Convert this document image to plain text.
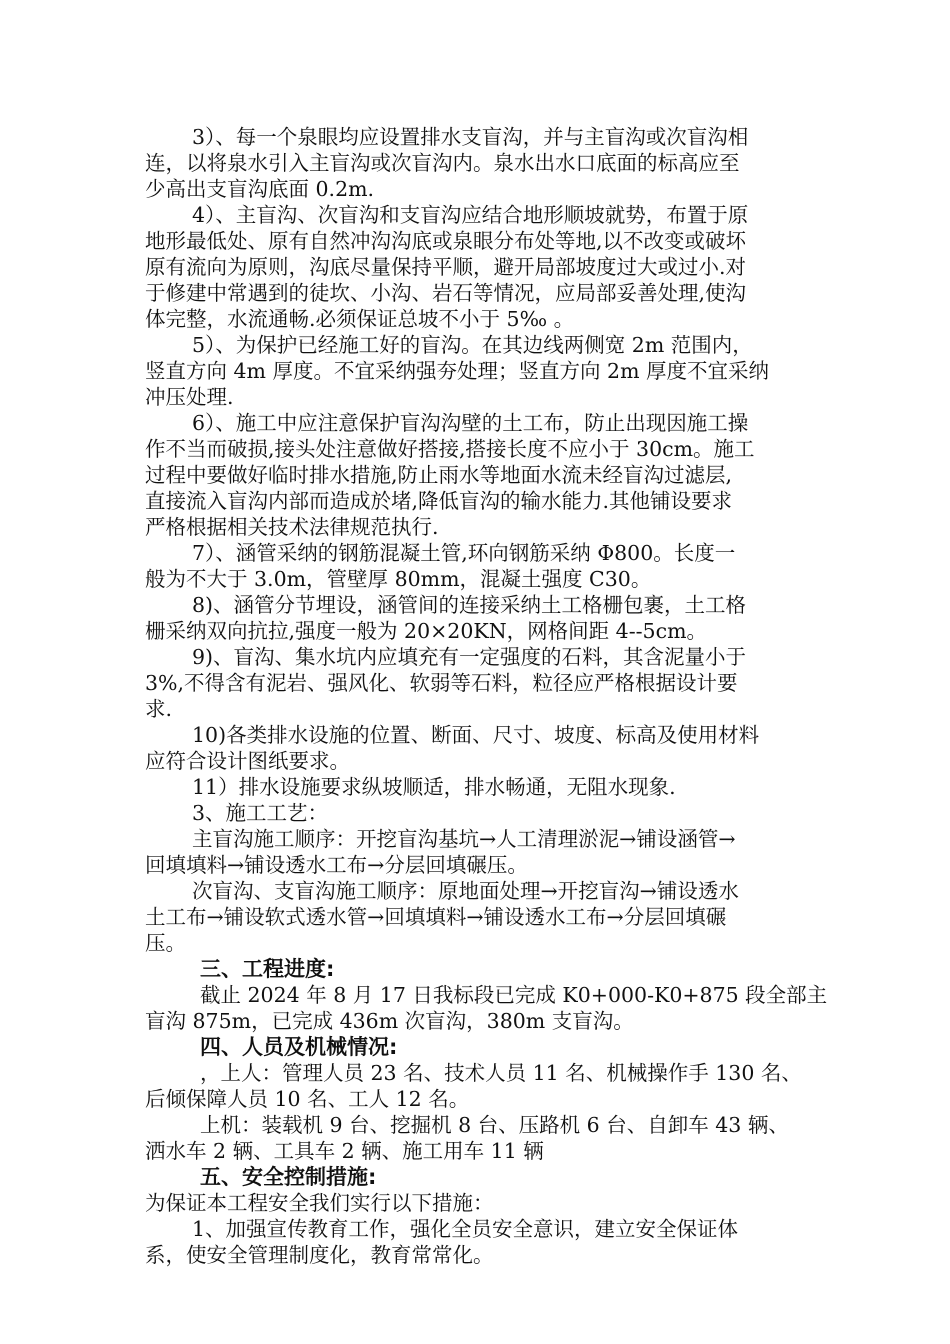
3）、每一个泉眼均应设置排水支盲沟，并与主盲沟或次盲沟相
连，以将泉水引入主盲沟或次盲沟内。泉水出水口底面的标高应至
少高出支盲沟底面 0.2m.
4）、主盲沟、次盲沟和支盲沟应结合地形顺坡就势，布置于原
地形最低处、原有自然冲沟沟底或泉眼分布处等地,以不改变或破坏
原有流向为原则，沟底尽量保持平顺，避开局部坡度过大或过小.对
于修建中常遇到的徒坎、小沟、岩石等情况，应局部妥善处理,使沟
体完整，水流通畅.必须保证总坡不小于 5‰ 。
5）、为保护已经施工好的盲沟。在其边线两侧宽 2m 范围内，
竖直方向 4m 厚度。不宜采纳强夯处理；竖直方向 2m 厚度不宜采纳
冲压处理.
6）、施工中应注意保护盲沟沟壁的土工布，防止出现因施工操
作不当而破损,接头处注意做好搭接,搭接长度不应小于 30cm。施工
过程中要做好临时排水措施,防止雨水等地面水流未经盲沟过滤层,
直接流入盲沟内部而造成於堵,降低盲沟的输水能力.其他铺设要求
严格根据相关技术法律规范执行.
7）、涵管采纳的钢筋混凝土管,环向钢筋采纳 Φ800。长度一
般为不大于 3.0m，管壁厚 80mm，混凝土强度 C30。
8)、涵管分节埋设，涵管间的连接采纳土工格栅包裹，土工格
栅采纳双向抗拉,强度一般为 20×20KN，网格间距 4--5cm。
9)、盲沟、集水坑内应填充有一定强度的石料，其含泥量小于
3%,不得含有泥岩、强风化、软弱等石料，粒径应严格根据设计要
求.
10)各类排水设施的位置、断面、尺寸、坡度、标高及使用材料
应符合设计图纸要求。
11）排水设施要求纵坡顺适，排水畅通，无阻水现象.
3、施工工艺：
主盲沟施工顺序：开挖盲沟基坑→人工清理淤泥→铺设涵管→
回填填料→铺设透水工布→分层回填碾压。
次盲沟、支盲沟施工顺序：原地面处理→开挖盲沟→铺设透水
土工布→铺设软式透水管→回填填料→铺设透水工布→分层回填碾
压。
三、工程进度:
截止 2024 年 8 月 17 日我标段已完成 K0+000-K0+875 段全部主
盲沟 875m，已完成 436m 次盲沟，380m 支盲沟。
四、人员及机械情况:
，上人：管理人员 23 名、技术人员 11 名、机械操作手 130 名、
后倾保障人员 10 名、工人 12 名。
上机：装载机 9 台、挖掘机 8 台、压路机 6 台、自卸车 43 辆、
洒水车 2 辆、工具车 2 辆、施工用车 11 辆
五、安全控制措施:
为保证本工程安全我们实行以下措施：
1、加强宣传教育工作，强化全员安全意识，建立安全保证体
系，使安全管理制度化，教育常常化。
